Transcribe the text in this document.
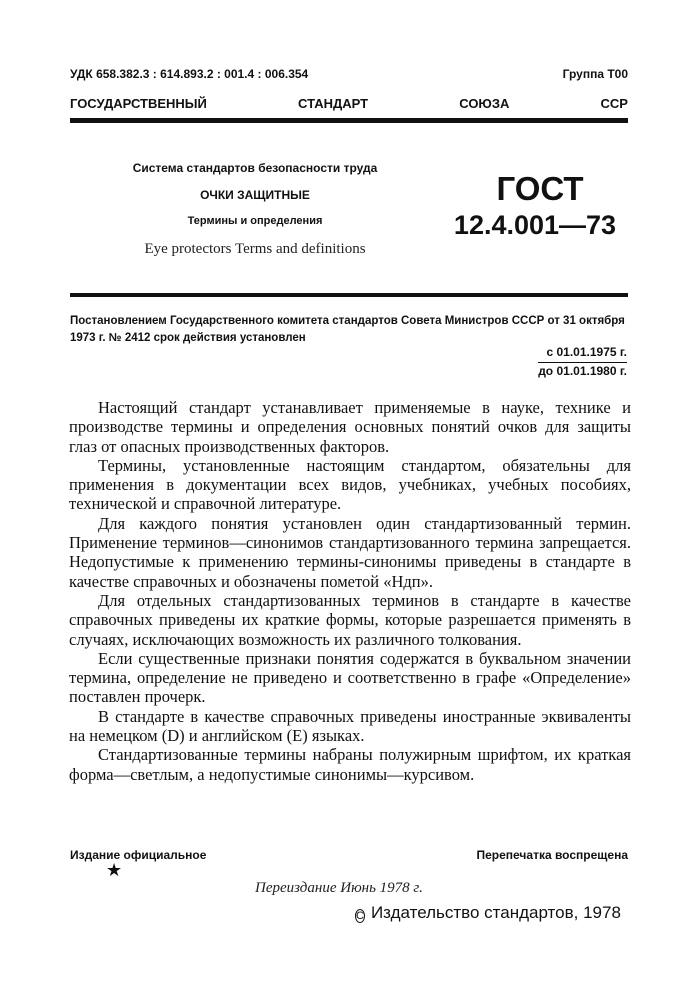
УДК 658.382.3 : 614.893.2 : 001.4 : 006.354	Группа Т00
ГОСУДАРСТВЕННЫЙ	СТАНДАРТ	СОЮЗА	ССР
Система стандартов безопасности труда
ОЧКИ ЗАЩИТНЫЕ
Термины и определения
Eye protectors Terms and definitions
ГОСТ
12.4.001—73
Постановлением Государственного комитета стандартов Совета Министров СССР от 31 октября 1973 г. № 2412 срок действия установлен
с 01.01.1975 г.
до 01.01.1980 г.

Настоящий стандарт устанавливает применяемые в науке, технике и производстве термины и определения основных понятий очков для защиты глаз от опасных производственных факторов.

Термины, установленные настоящим стандартом, обязательны для применения в документации всех видов, учебниках, учебных пособиях, технической и справочной литературе.

Для каждого понятия установлен один стандартизованный термин. Применение терминов—синонимов стандартизованного термина запрещается. Недопустимые к применению термины-синонимы приведены в стандарте в качестве справочных и обозначены пометой «Ндп».

Для отдельных стандартизованных терминов в стандарте в качестве справочных приведены их краткие формы, которые разрешается применять в случаях, исключающих возможность их различного толкования.

Если существенные признаки понятия содержатся в буквальном значении термина, определение не приведено и соответственно в графе «Определение» поставлен прочерк.

В стандарте в качестве справочных приведены иностранные эквиваленты на немецком (D) и английском (E) языках.

Стандартизованные термины набраны полужирным шрифтом, их краткая форма—светлым, а недопустимые синонимы—курсивом.

Издание официальное
★
Перепечатка воспрещена
Переиздание Июнь 1978 г.
C Издательство стандартов, 1978
